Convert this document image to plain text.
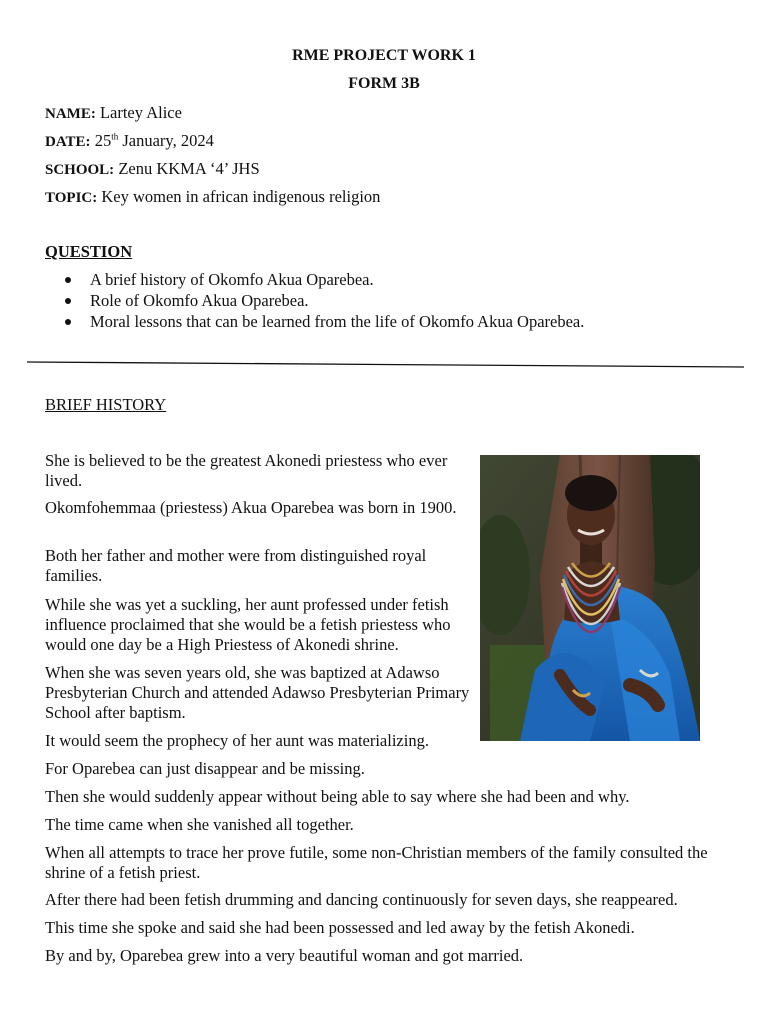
RME PROJECT WORK 1
FORM 3B
NAME: Lartey Alice
DATE: 25th January, 2024
SCHOOL: Zenu KKMA ‘4’ JHS
TOPIC: Key women in african indigenous religion
QUESTION
A brief history of Okomfo Akua Oparebea.
Role of Okomfo Akua Oparebea.
Moral lessons that can be learned from the life of Okomfo Akua Oparebea.
BRIEF HISTORY
She is believed to be the greatest Akonedi priestess who ever lived.
Okomfohemmaa (priestess) Akua Oparebea was born in 1900.
Both her father and mother were from distinguished royal families.
While she was yet a suckling, her aunt professed under fetish influence proclaimed that she would be a fetish priestess who would one day be a High Priestess of Akonedi shrine.
When she was seven years old, she was baptized at Adawso Presbyterian Church and attended Adawso Presbyterian Primary School after baptism.
It would seem the prophecy of her aunt was materializing.
For Oparebea can just disappear and be missing.
Then she would suddenly appear without being able to say where she had been and why.
The time came when she vanished all together.
When all attempts to trace her prove futile, some non-Christian members of the family consulted the shrine of a fetish priest.
After there had been fetish drumming and dancing continuously for seven days, she reappeared.
This time she spoke and said she had been possessed and led away by the fetish Akonedi.
By and by, Oparebea grew into a very beautiful woman and got married.
